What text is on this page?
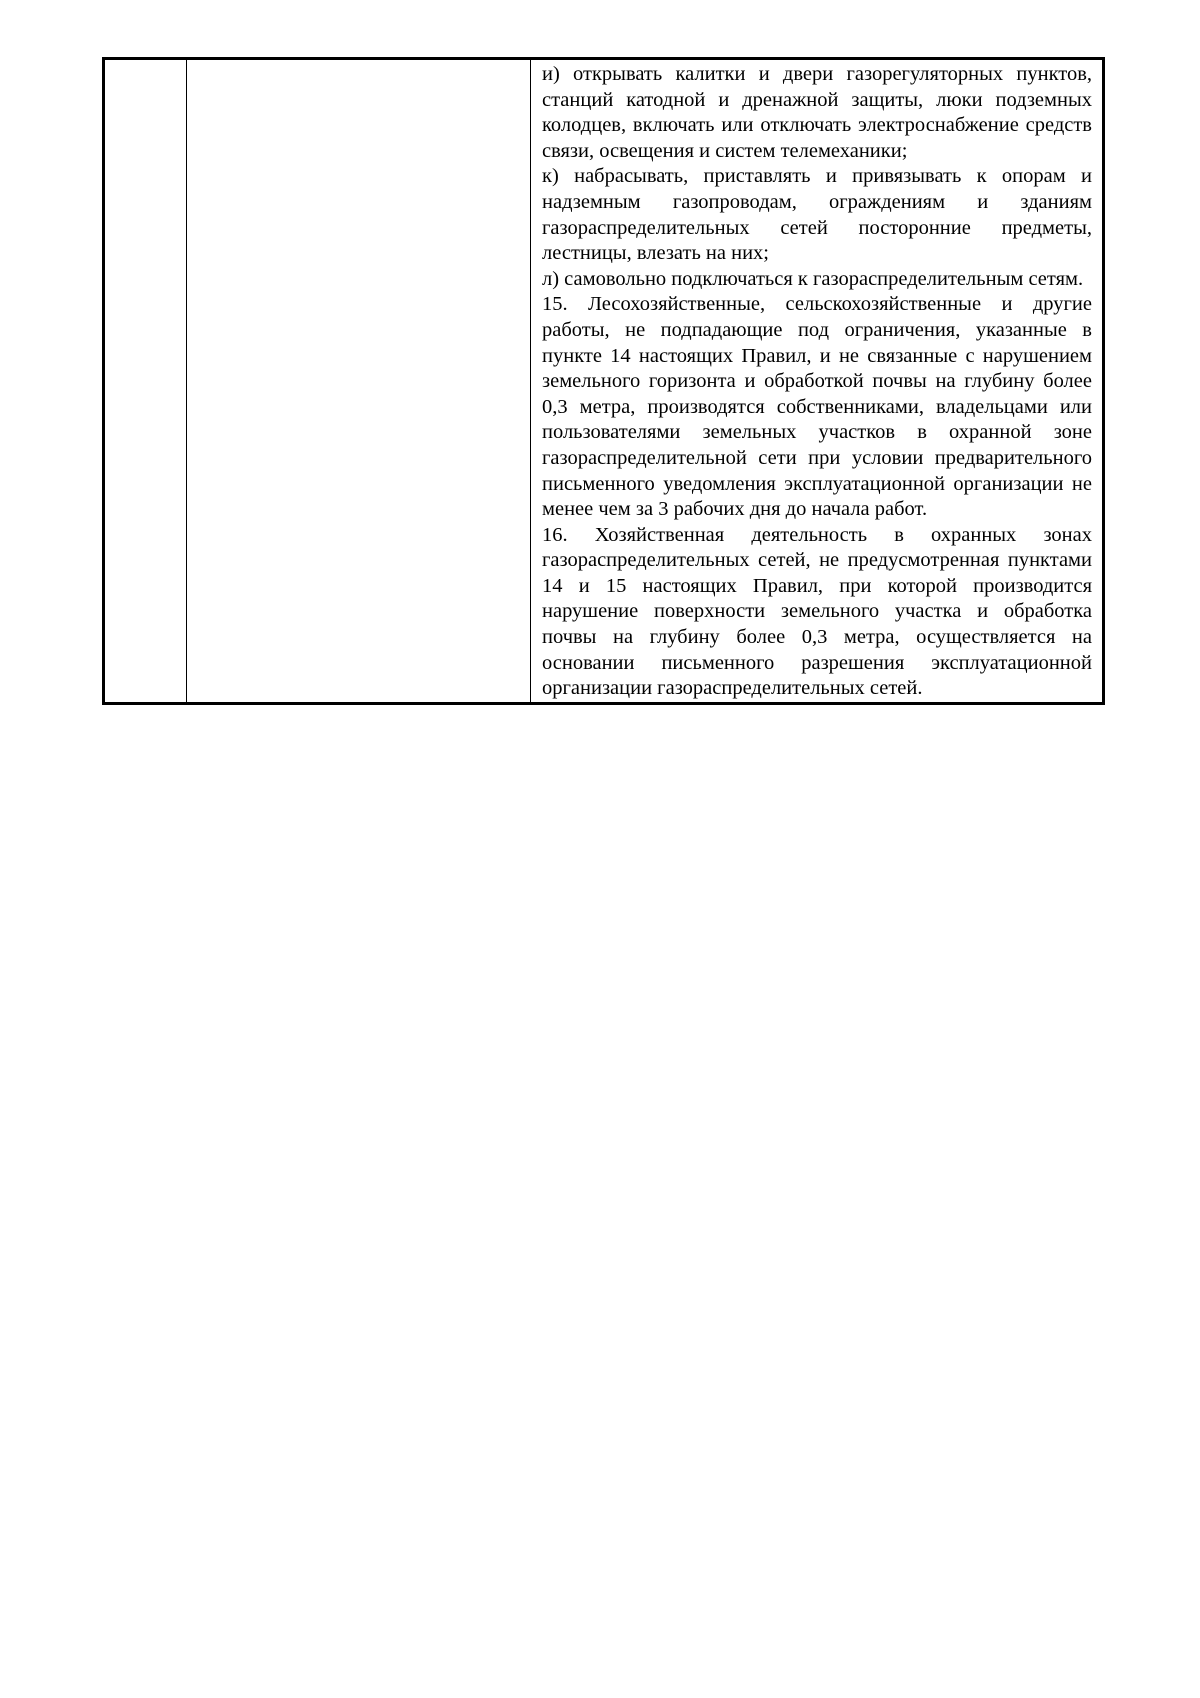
и) открывать калитки и двери газорегуляторных пунктов, станций катодной и дренажной защиты, люки подземных колодцев, включать или отключать электроснабжение средств связи, освещения и систем телемеханики;

к) набрасывать, приставлять и привязывать к опорам и надземным газопроводам, ограждениям и зданиям газораспределительных сетей посторонние предметы, лестницы, влезать на них;

л) самовольно подключаться к газораспределительным сетям.

15. Лесохозяйственные, сельскохозяйственные и другие работы, не подпадающие под ограничения, указанные в пункте 14 настоящих Правил, и не связанные с нарушением земельного горизонта и обработкой почвы на глубину более 0,3 метра, производятся собственниками, владельцами или пользователями земельных участков в охранной зоне газораспределительной сети при условии предварительного письменного уведомления эксплуатационной организации не менее чем за 3 рабочих дня до начала работ.

16. Хозяйственная деятельность в охранных зонах газораспределительных сетей, не предусмотренная пунктами 14 и 15 настоящих Правил, при которой производится нарушение поверхности земельного участка и обработка почвы на глубину более 0,3 метра, осуществляется на основании письменного разрешения эксплуатационной организации газораспределительных сетей.
